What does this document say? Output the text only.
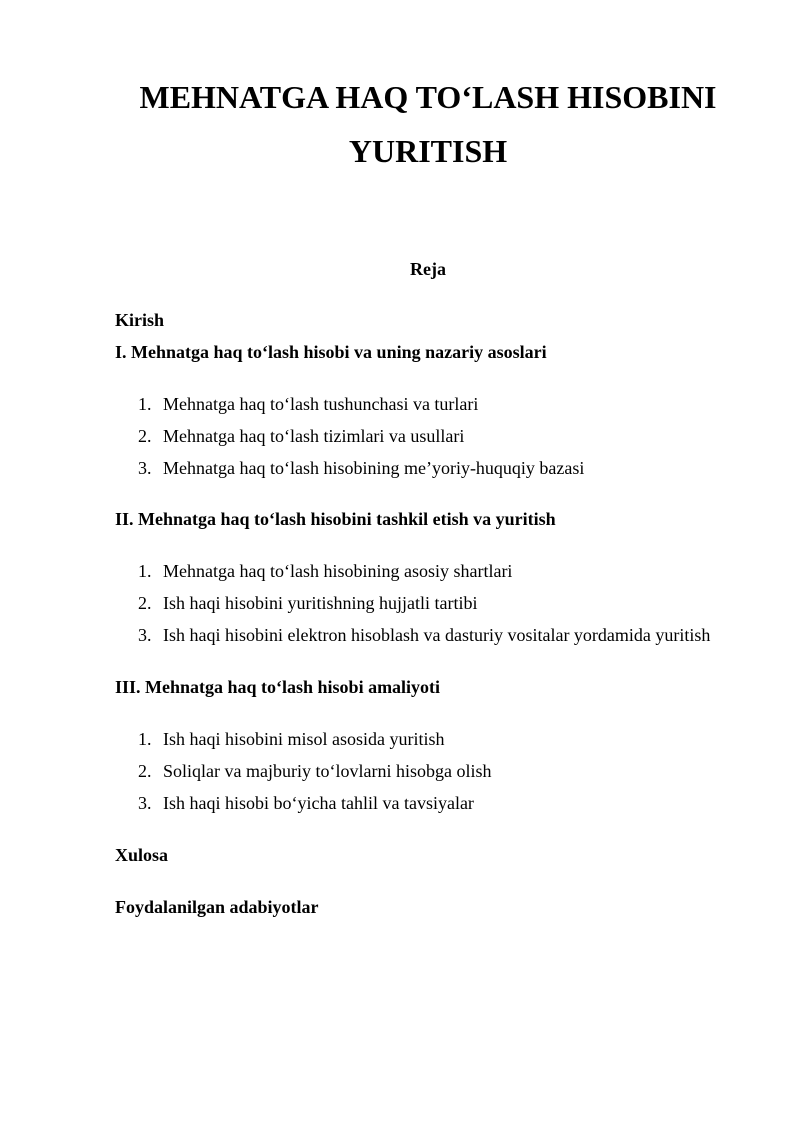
MEHNATGA HAQ TO‘LASH HISOBINI
YURITISH
Reja
Kirish
I. Mehnatga haq to‘lash hisobi va uning nazariy asoslari
1. Mehnatga haq to‘lash tushunchasi va turlari
2. Mehnatga haq to‘lash tizimlari va usullari
3. Mehnatga haq to‘lash hisobining me’yoriy-huquqiy bazasi
II. Mehnatga haq to‘lash hisobini tashkil etish va yuritish
1. Mehnatga haq to‘lash hisobining asosiy shartlari
2. Ish haqi hisobini yuritishning hujjatli tartibi
3. Ish haqi hisobini elektron hisoblash va dasturiy vositalar yordamida yuritish
III. Mehnatga haq to‘lash hisobi amaliyoti
1. Ish haqi hisobini misol asosida yuritish
2. Soliqlar va majburiy to‘lovlarni hisobga olish
3. Ish haqi hisobi bo‘yicha tahlil va tavsiyalar
Xulosa
Foydalanilgan adabiyotlar
